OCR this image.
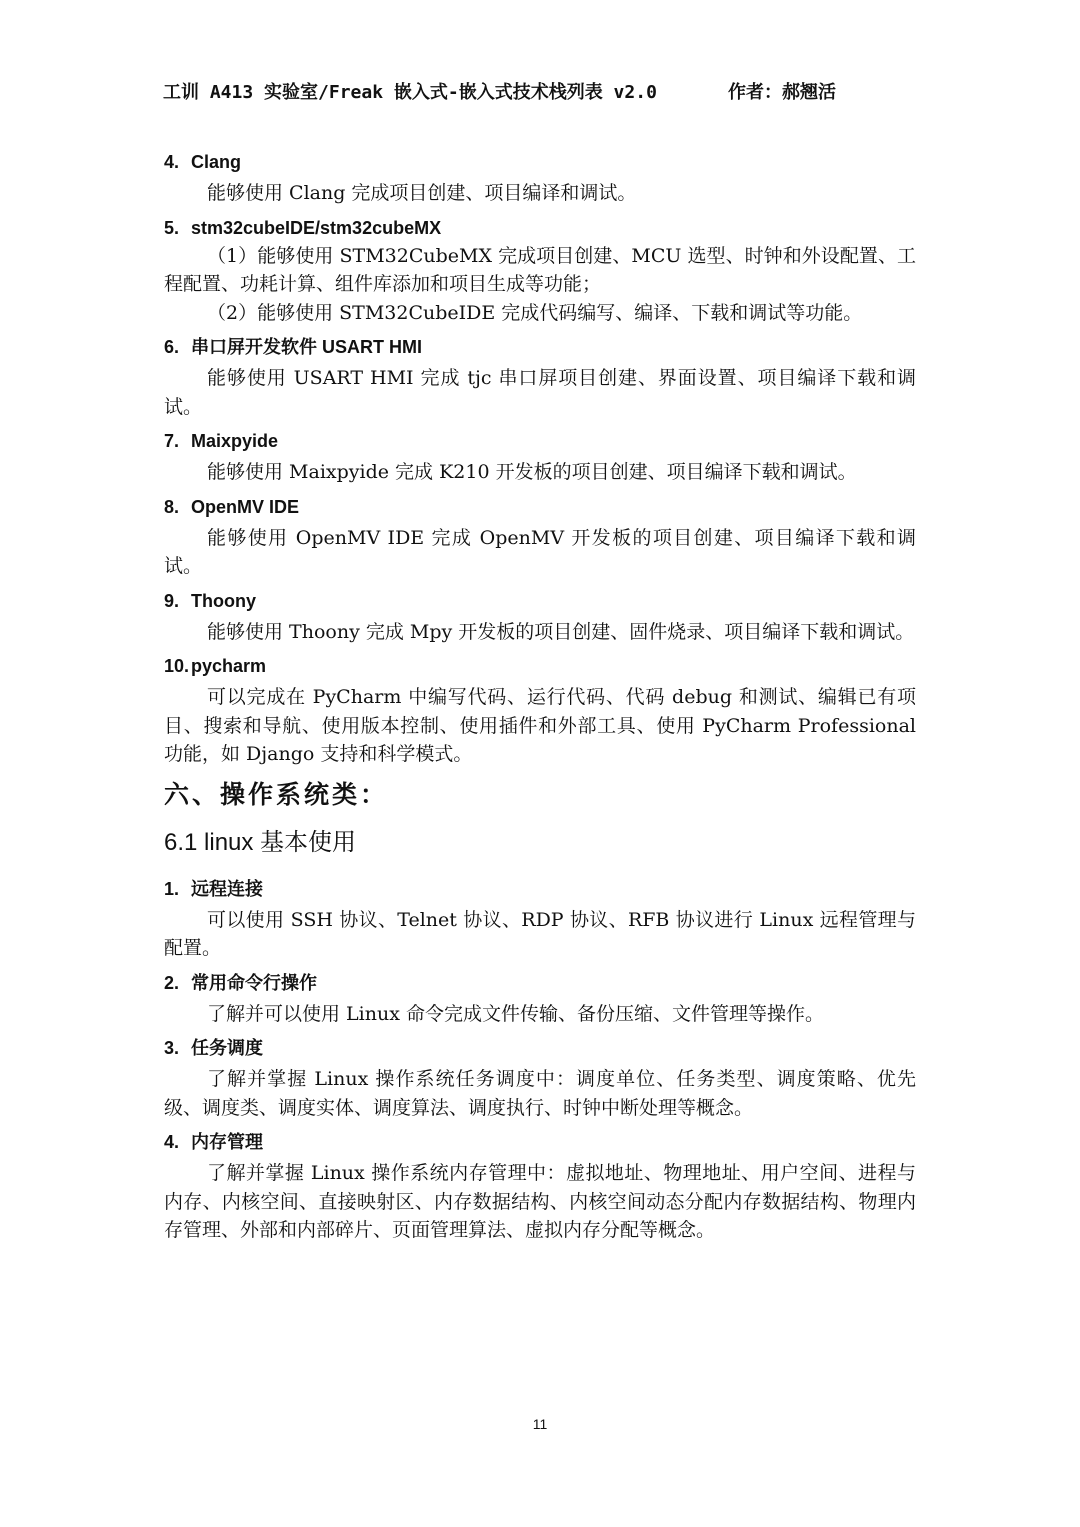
工训 A413 实验室/Freak 嵌入式-嵌入式技术栈列表 v2.0	作者：郝翘活
4. Clang
能够使用 Clang 完成项目创建、项目编译和调试。
5. stm32cubeIDE/stm32cubeMX
（1）能够使用 STM32CubeMX 完成项目创建、MCU 选型、时钟和外设配置、工程配置、功耗计算、组件库添加和项目生成等功能；
（2）能够使用 STM32CubeIDE 完成代码编写、编译、下载和调试等功能。
6. 串口屏开发软件 USART HMI
能够使用 USART HMI 完成 tjc 串口屏项目创建、界面设置、项目编译下载和调试。
7. Maixpyide
能够使用 Maixpyide 完成 K210 开发板的项目创建、项目编译下载和调试。
8. OpenMV IDE
能够使用 OpenMV IDE 完成 OpenMV 开发板的项目创建、项目编译下载和调试。
9. Thoony
能够使用 Thoony 完成 Mpy 开发板的项目创建、固件烧录、项目编译下载和调试。
10. pycharm
可以完成在 PyCharm 中编写代码、运行代码、代码 debug 和测试、编辑已有项目、搜索和导航、使用版本控制、使用插件和外部工具、使用 PyCharm Professional 功能，如 Django 支持和科学模式。
六、操作系统类：
6.1 linux 基本使用
1. 远程连接
可以使用 SSH 协议、Telnet 协议、RDP 协议、RFB 协议进行 Linux 远程管理与配置。
2. 常用命令行操作
了解并可以使用 Linux 命令完成文件传输、备份压缩、文件管理等操作。
3. 任务调度
了解并掌握 Linux 操作系统任务调度中：调度单位、任务类型、调度策略、优先级、调度类、调度实体、调度算法、调度执行、时钟中断处理等概念。
4. 内存管理
了解并掌握 Linux 操作系统内存管理中：虚拟地址、物理地址、用户空间、进程与内存、内核空间、直接映射区、内存数据结构、内核空间动态分配内存数据结构、物理内存管理、外部和内部碎片、页面管理算法、虚拟内存分配等概念。
11
